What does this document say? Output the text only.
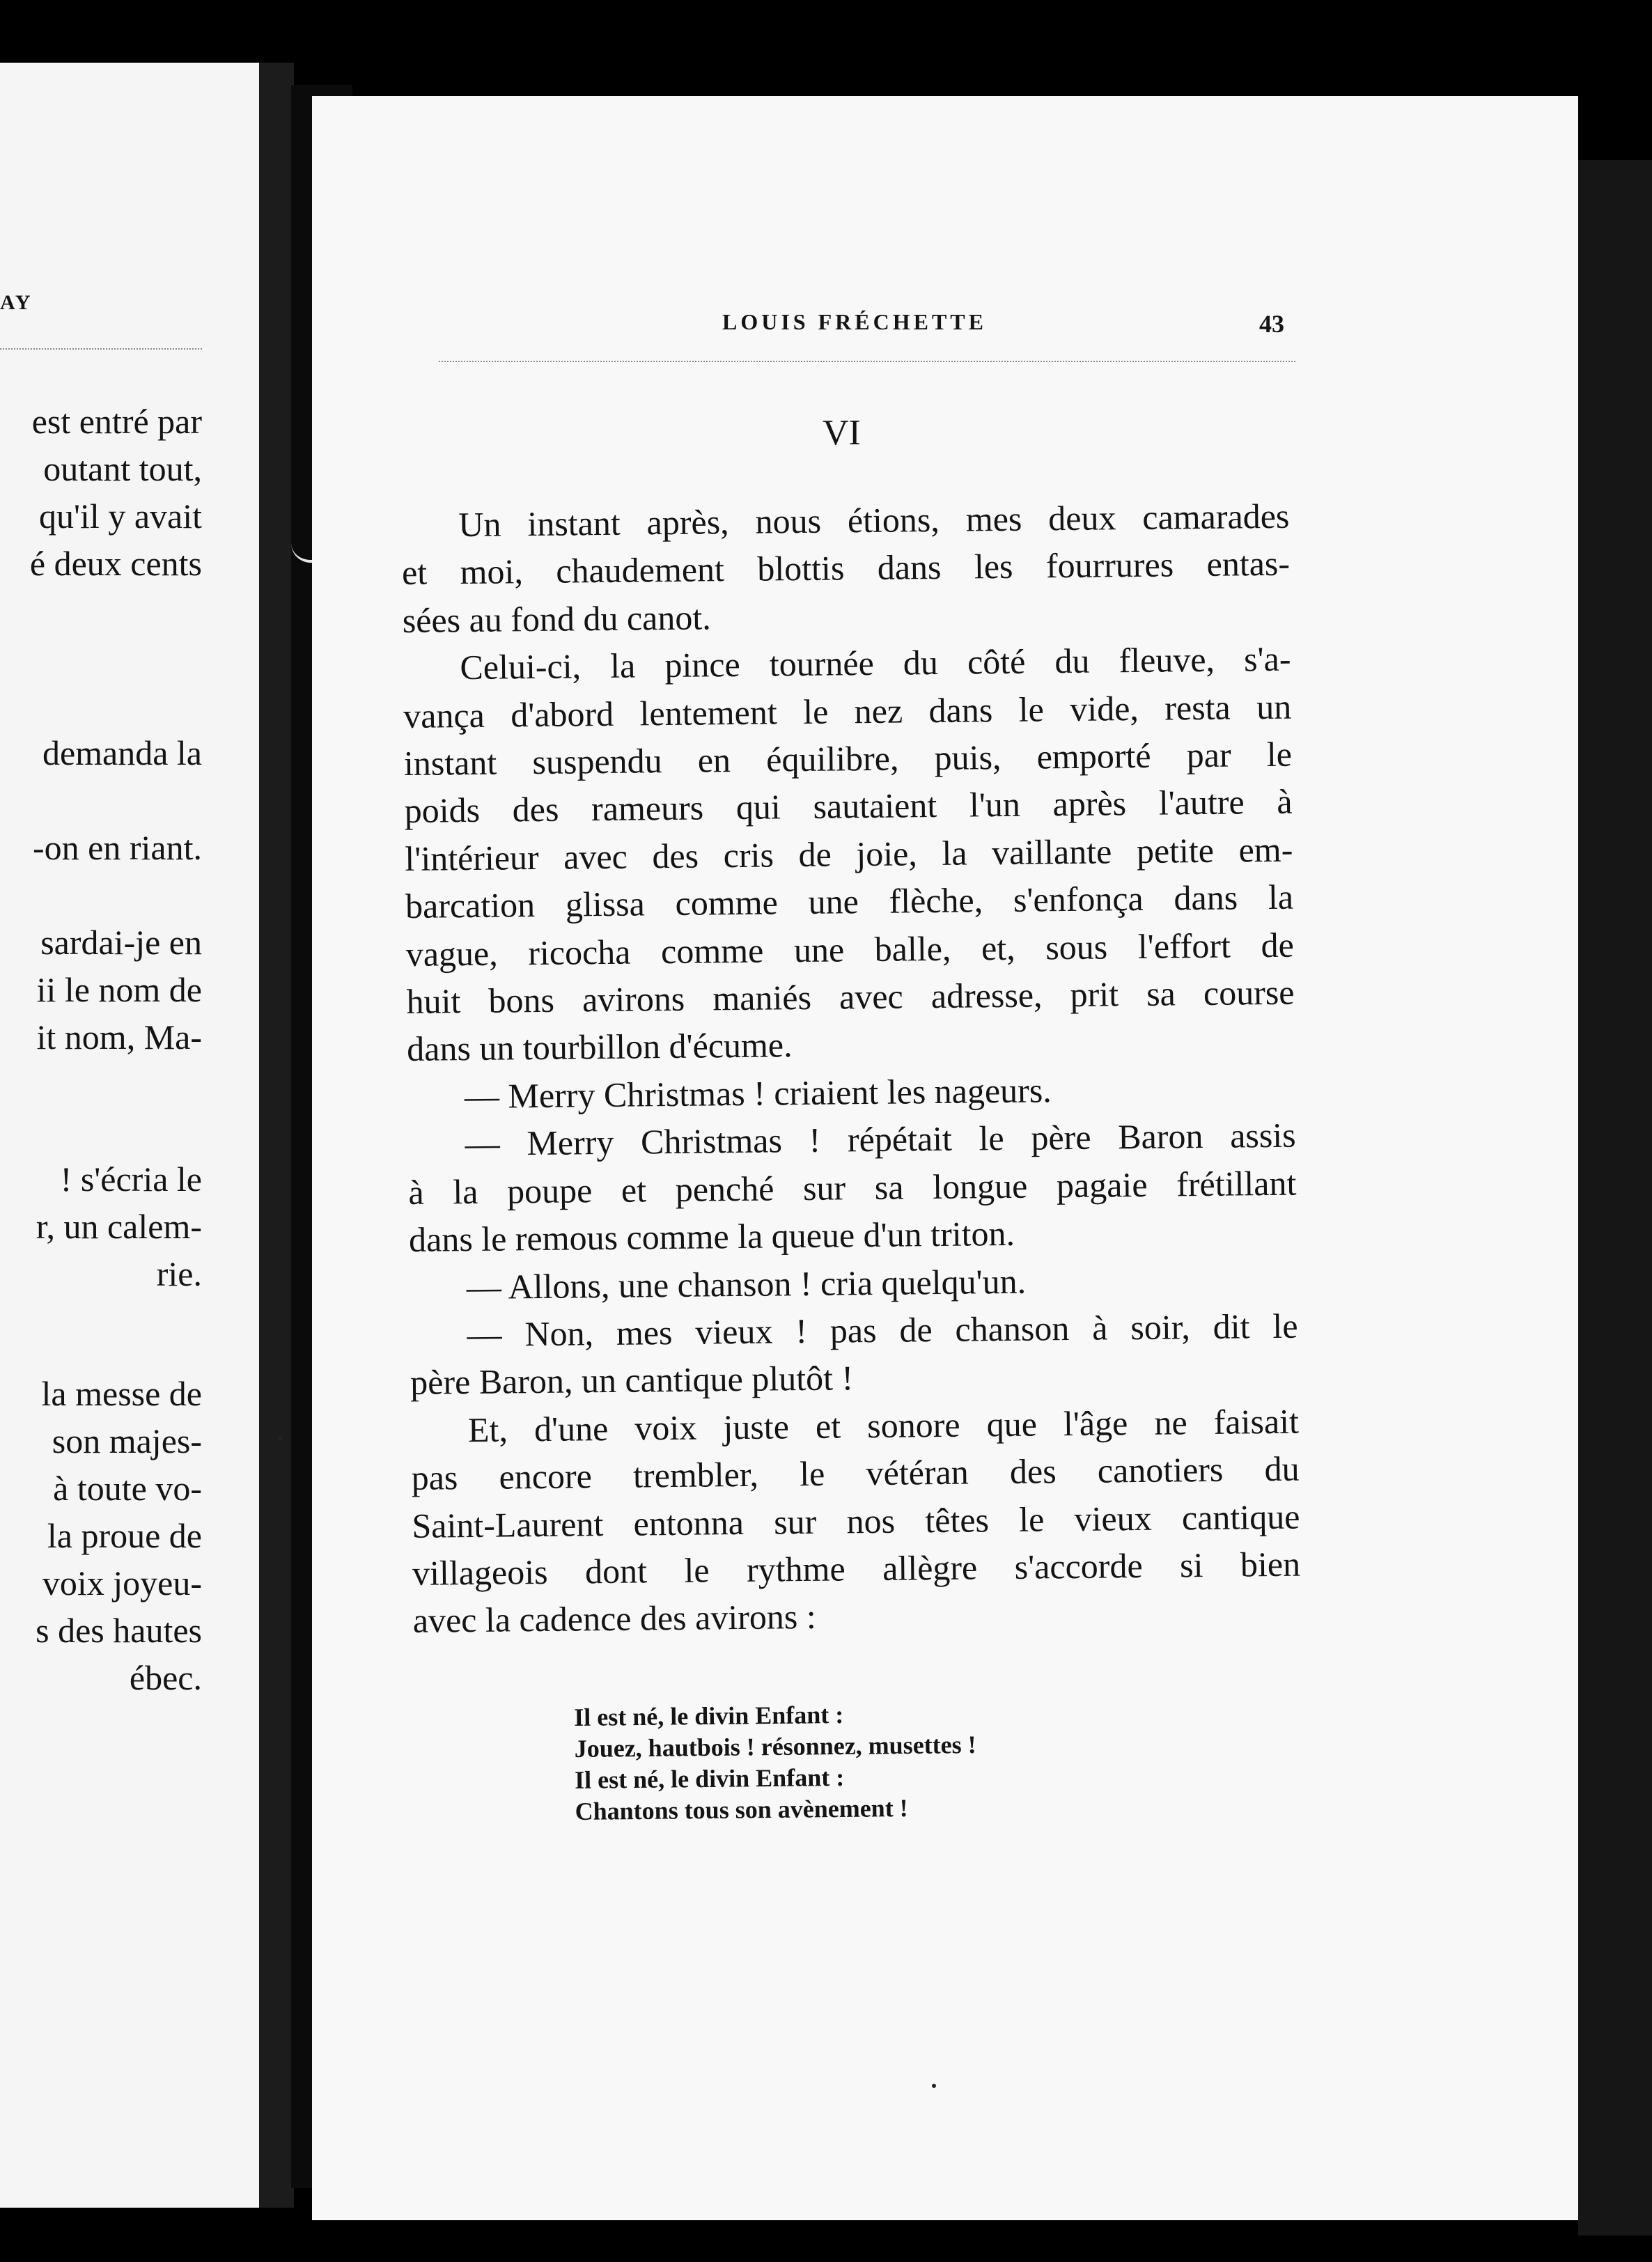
AY
est entré par
outant tout,
qu'il y avait
é deux cents
demanda la
-on en riant.
sardai-je en
ii le nom de
it nom, Ma-
! s'écria le
r, un calem-
rie.
la messe de
son majes-
à toute vo-
la proue de
voix joyeu-
s des hautes
ébec.
LOUIS FRÉCHETTE	43
VI
Un instant après, nous étions, mes deux camarades
et moi, chaudement blottis dans les fourrures entas-
sées au fond du canot.
Celui-ci, la pince tournée du côté du fleuve, s'a-
vança d'abord lentement le nez dans le vide, resta un
instant suspendu en équilibre, puis, emporté par le
poids des rameurs qui sautaient l'un après l'autre à
l'intérieur avec des cris de joie, la vaillante petite em-
barcation glissa comme une flèche, s'enfonça dans la
vague, ricocha comme une balle, et, sous l'effort de
huit bons avirons maniés avec adresse, prit sa course
dans un tourbillon d'écume.
— Merry Christmas ! criaient les nageurs.
— Merry Christmas ! répétait le père Baron assis
à la poupe et penché sur sa longue pagaie frétillant
dans le remous comme la queue d'un triton.
— Allons, une chanson ! cria quelqu'un.
— Non, mes vieux ! pas de chanson à soir, dit le
père Baron, un cantique plutôt !
Et, d'une voix juste et sonore que l'âge ne faisait
pas encore trembler, le vétéran des canotiers du
Saint-Laurent entonna sur nos têtes le vieux cantique
villageois dont le rythme allègre s'accorde si bien
avec la cadence des avirons :
Il est né, le divin Enfant :
Jouez, hautbois ! résonnez, musettes !
Il est né, le divin Enfant :
Chantons tous son avènement !
